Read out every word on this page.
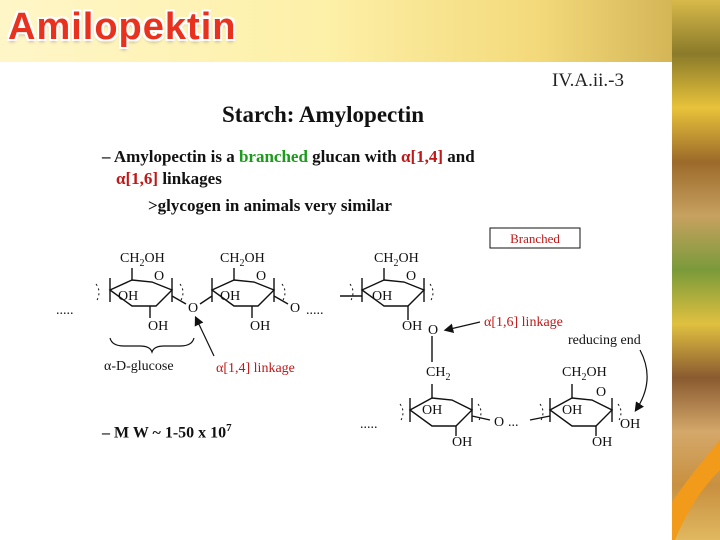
Amilopektin
IV.A.ii.-3
Starch: Amylopectin
– Amylopectin is a branched glucan with α[1,4] and
α[1,6] linkages
>glycogen in animals very similar
– M W ~ 1-50 x $10^7$
Branched
$CH_2OH$
O
OH
OH
$CH_2OH$
O
OH
OH
O	O
.....	.....
$CH_2OH$
O
OH
OH O
$CH_2$
OH
OH
O ...
.....
$CH_2OH$
O
OH
OH
OH
α-D-glucose	α[1,4] linkage
α[1,6] linkage
reducing end
